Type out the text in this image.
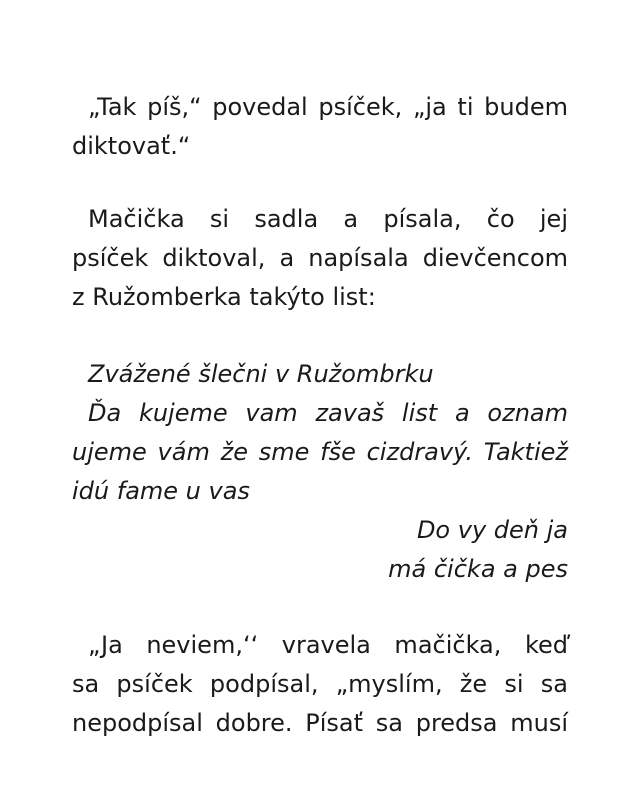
„Tak píš,“ povedal psíček, „ja ti budem
diktovať.“
Mačička si sadla a písala, čo jej
psíček diktoval, a napísala dievčencom
z Ružomberka takýto list:
Zvážené šlečni v Ružombrku
Ďa kujeme vam zavaš list a oznam
ujeme vám že sme fše cizdravý. Taktiež
idú fame u vas
Do vy deň ja
má čička a pes
„Ja neviem,‘‘ vravela mačička, keď
sa psíček podpísal, „myslím, že si sa
nepodpísal dobre. Písať sa predsa musí
